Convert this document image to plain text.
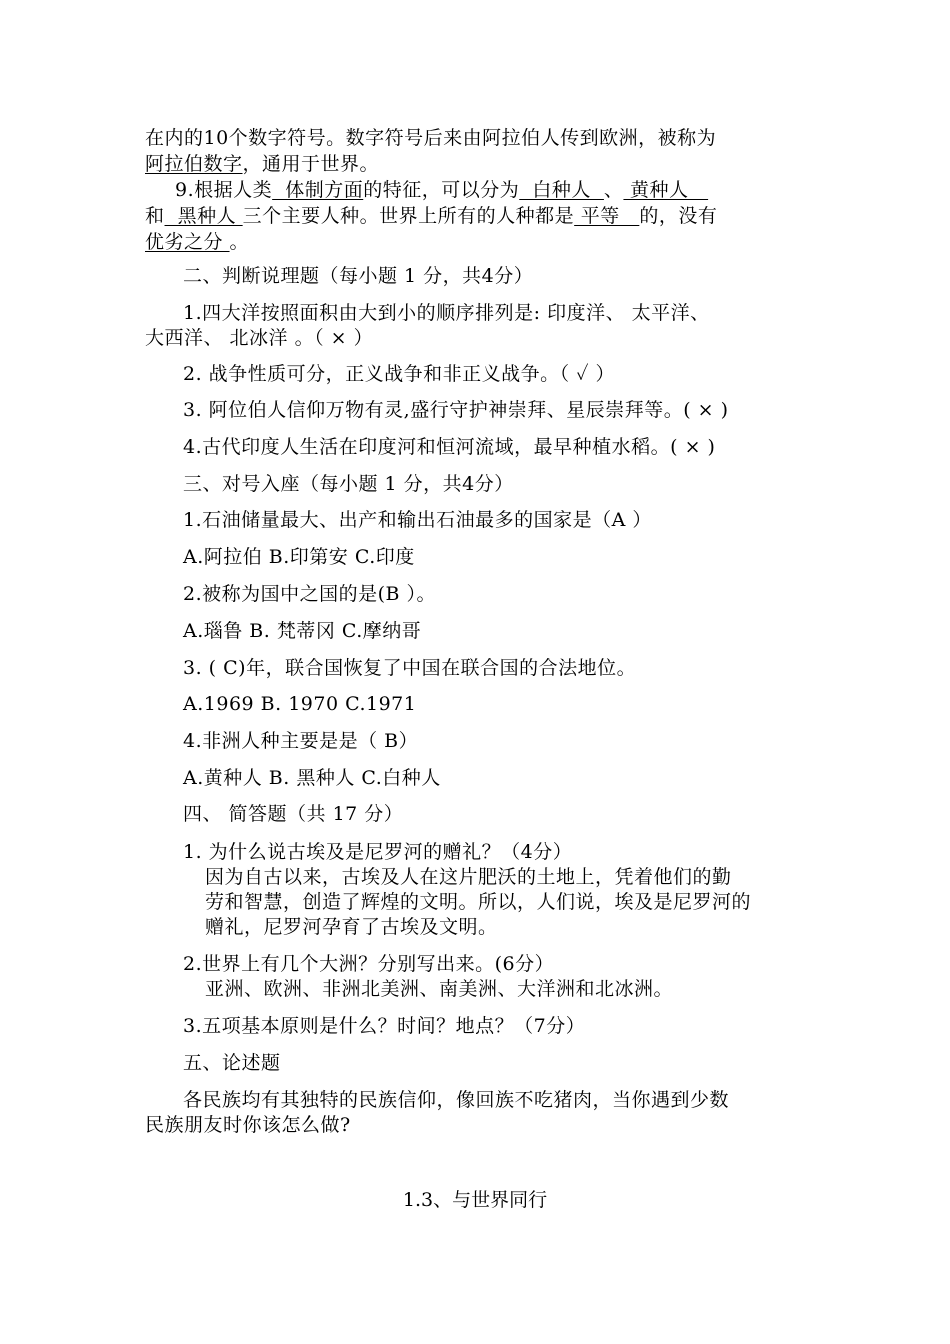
在内的10个数字符号。数字符号后来由阿拉伯人传到欧洲，被称为
阿拉伯数字，通用于世界。
9.根据人类  体制方面的特征，可以分为  白种人  、 黄种人
和  黑种人 三个主要人种。世界上所有的人种都是 平等   的，没有
优劣之分 。
二、判断说理题（每小题 1 分，共4分）
1.四大洋按照面积由大到小的顺序排列是: 印度洋、 太平洋、
大西洋、 北冰洋 。（ × ）
2. 战争性质可分，正义战争和非正义战争。（ ✓ ）
3. 阿位伯人信仰万物有灵,盛行守护神崇拜、星辰崇拜等。( × )
4.古代印度人生活在印度河和恒河流域，最早种植水稻。( × )
三、对号入座（每小题 1 分，共4分）
1.石油储量最大、出产和输出石油最多的国家是（A ）
A.阿拉伯 B.印第安 C.印度
2.被称为国中之国的是(B ）。
A.瑙鲁 B. 梵蒂冈 C.摩纳哥
3. ( C)年，联合国恢复了中国在联合国的合法地位。
A.1969 B. 1970 C.1971
4.非洲人种主要是是（ B）
A.黄种人 B. 黑种人 C.白种人
四、 简答题（共 17 分）
1. 为什么说古埃及是尼罗河的赠礼？（4分）
因为自古以来，古埃及人在这片肥沃的土地上，凭着他们的勤
劳和智慧，创造了辉煌的文明。所以，人们说，埃及是尼罗河的
赠礼，尼罗河孕育了古埃及文明。
2.世界上有几个大洲？分别写出来。(6分）
亚洲、欧洲、非洲北美洲、南美洲、大洋洲和北冰洲。
3.五项基本原则是什么？时间？地点？（7分）
五、论述题
各民族均有其独特的民族信仰，像回族不吃猪肉，当你遇到少数
民族朋友时你该怎么做?
1.3、与世界同行
